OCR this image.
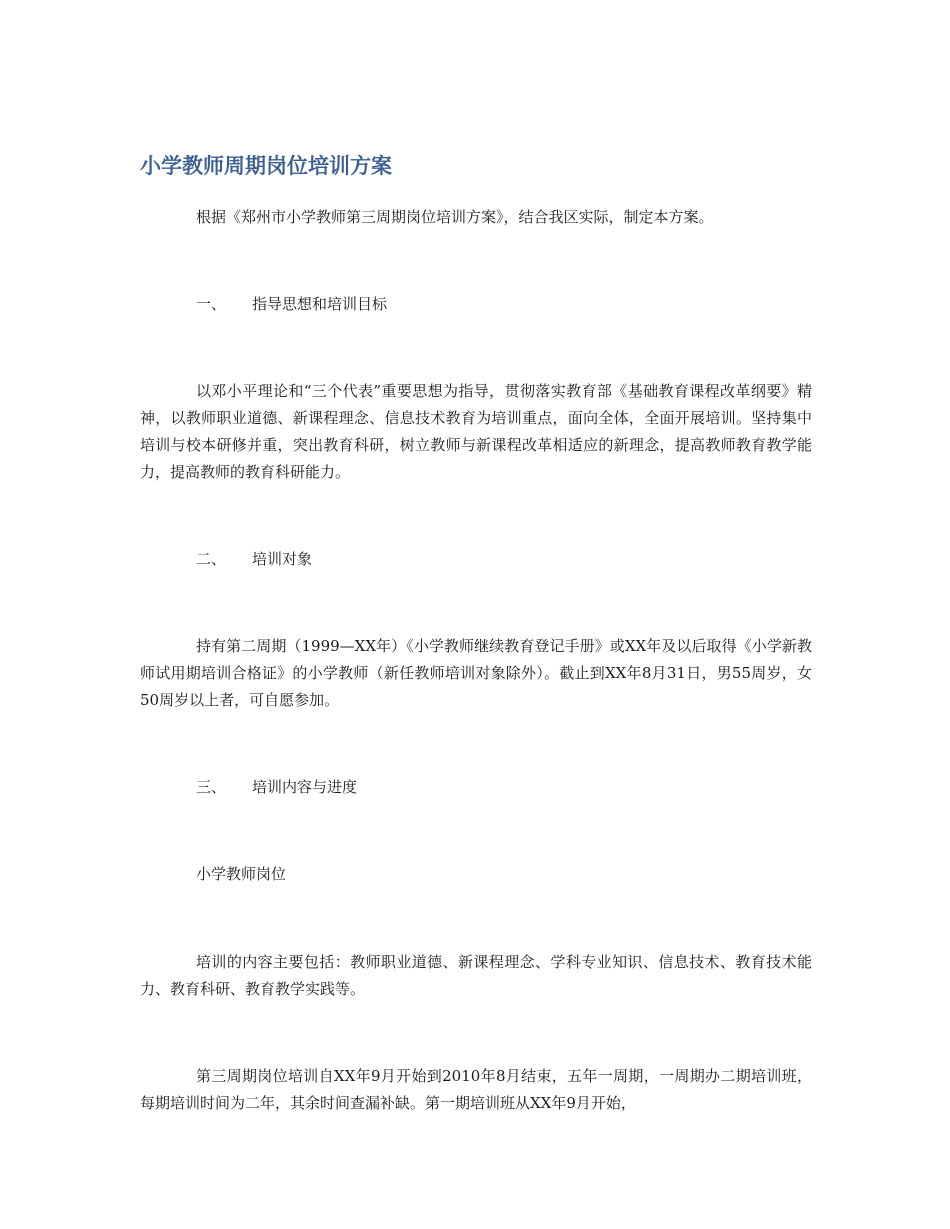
小学教师周期岗位培训方案

根据《郑州市小学教师第三周期岗位培训方案》，结合我区实际，制定本方案。

一、 指导思想和培训目标

以邓小平理论和“三个代表”重要思想为指导，贯彻落实教育部《基础教育课程改革纲要》精神，以教师职业道德、新课程理念、信息技术教育为培训重点，面向全体，全面开展培训。坚持集中培训与校本研修并重，突出教育科研，树立教师与新课程改革相适应的新理念，提高教师教育教学能力，提高教师的教育科研能力。

二、 培训对象

持有第二周期（1999—XX年）《小学教师继续教育登记手册》或XX年及以后取得《小学新教师试用期培训合格证》的小学教师（新任教师培训对象除外）。截止到XX年8月31日，男55周岁，女50周岁以上者，可自愿参加。

三、 培训内容与进度

小学教师岗位

培训的内容主要包括：教师职业道德、新课程理念、学科专业知识、信息技术、教育技术能力、教育科研、教育教学实践等。

第三周期岗位培训自XX年9月开始到2010年8月结束，五年一周期，一周期办二期培训班，每期培训时间为二年，其余时间查漏补缺。第一期培训班从XX年9月开始，
